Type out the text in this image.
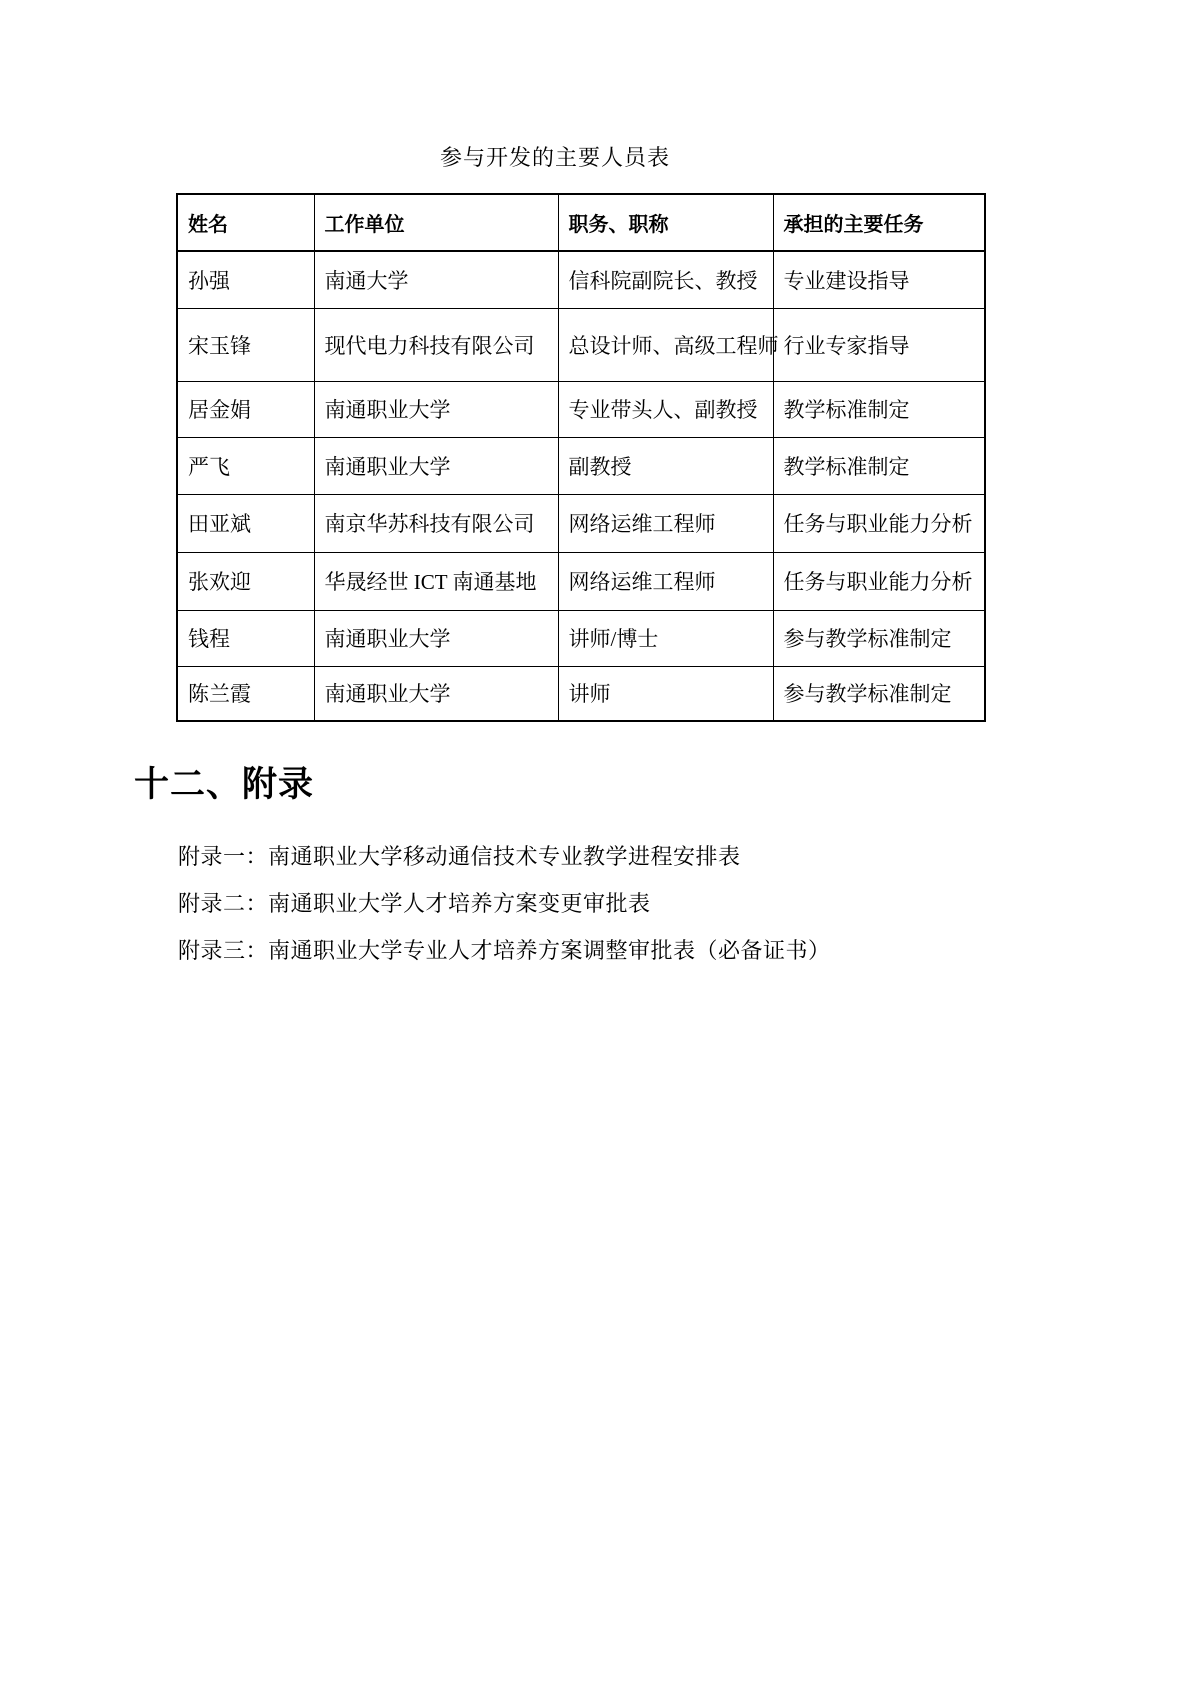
参与开发的主要人员表
姓名	工作单位	职务、职称	承担的主要任务
孙强	南通大学	信科院副院长、教授	专业建设指导
宋玉锋	现代电力科技有限公司	总设计师、高级工程师	行业专家指导
居金娟	南通职业大学	专业带头人、副教授	教学标准制定
严飞	南通职业大学	副教授	教学标准制定
田亚斌	南京华苏科技有限公司	网络运维工程师	任务与职业能力分析
张欢迎	华晟经世 ICT 南通基地	网络运维工程师	任务与职业能力分析
钱程	南通职业大学	讲师/博士	参与教学标准制定
陈兰霞	南通职业大学	讲师	参与教学标准制定
十二、附录
附录一：南通职业大学移动通信技术专业教学进程安排表
附录二：南通职业大学人才培养方案变更审批表
附录三：南通职业大学专业人才培养方案调整审批表（必备证书）
